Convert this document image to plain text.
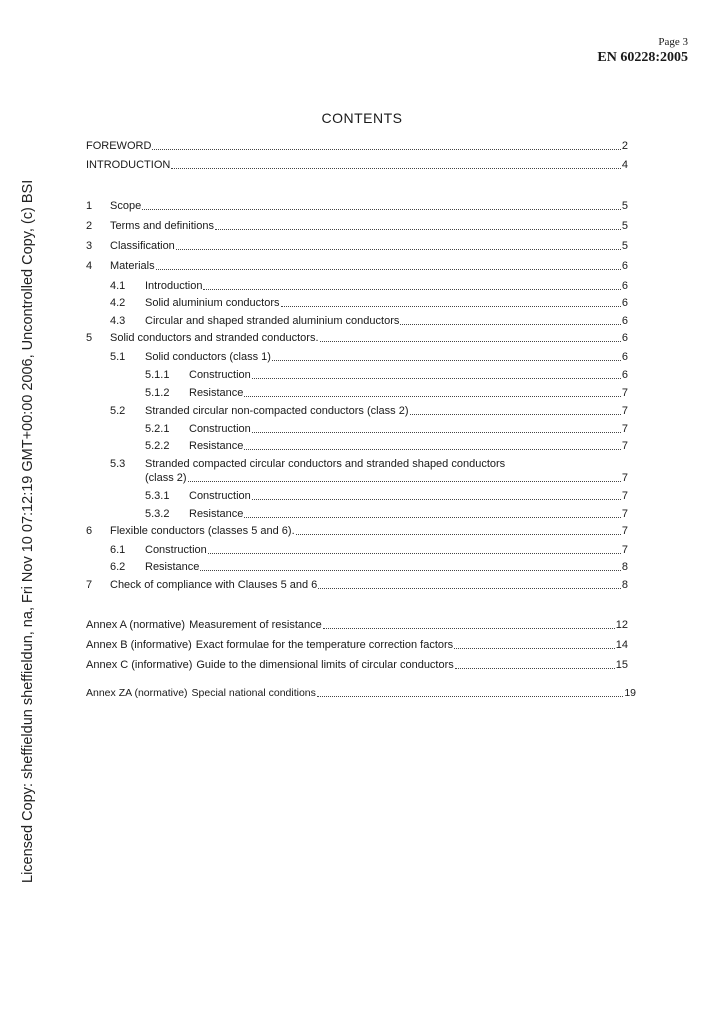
Page 3
EN 60228:2005
Licensed Copy: sheffieldun sheffieldun, na, Fri Nov 10 07:12:19 GMT+00:00 2006, Uncontrolled Copy, (c) BSI
CONTENTS
FOREWORD	2
INTRODUCTION	4
1	Scope	5
2	Terms and definitions	5
3	Classification	5
4	Materials	6
4.1	Introduction	6
4.2	Solid aluminium conductors	6
4.3	Circular and shaped stranded aluminium conductors	6
5	Solid conductors and stranded conductors.	6
5.1	Solid conductors (class 1)	6
5.1.1	Construction	6
5.1.2	Resistance	7
5.2	Stranded circular non-compacted conductors (class 2)	7
5.2.1	Construction	7
5.2.2	Resistance	7
5.3 Stranded compacted circular conductors and stranded shaped conductors
(class 2)	7
5.3.1	Construction	7
5.3.2	Resistance	7
6	Flexible conductors (classes 5 and 6).	7
6.1	Construction	7
6.2	Resistance	8
7	Check of compliance with Clauses 5 and 6	8
Annex A (normative) Measurement of resistance	12
Annex B (informative) Exact formulae for the temperature correction factors	14
Annex C (informative) Guide to the dimensional limits of circular conductors	15
Annex ZA (normative) Special national conditions	19
